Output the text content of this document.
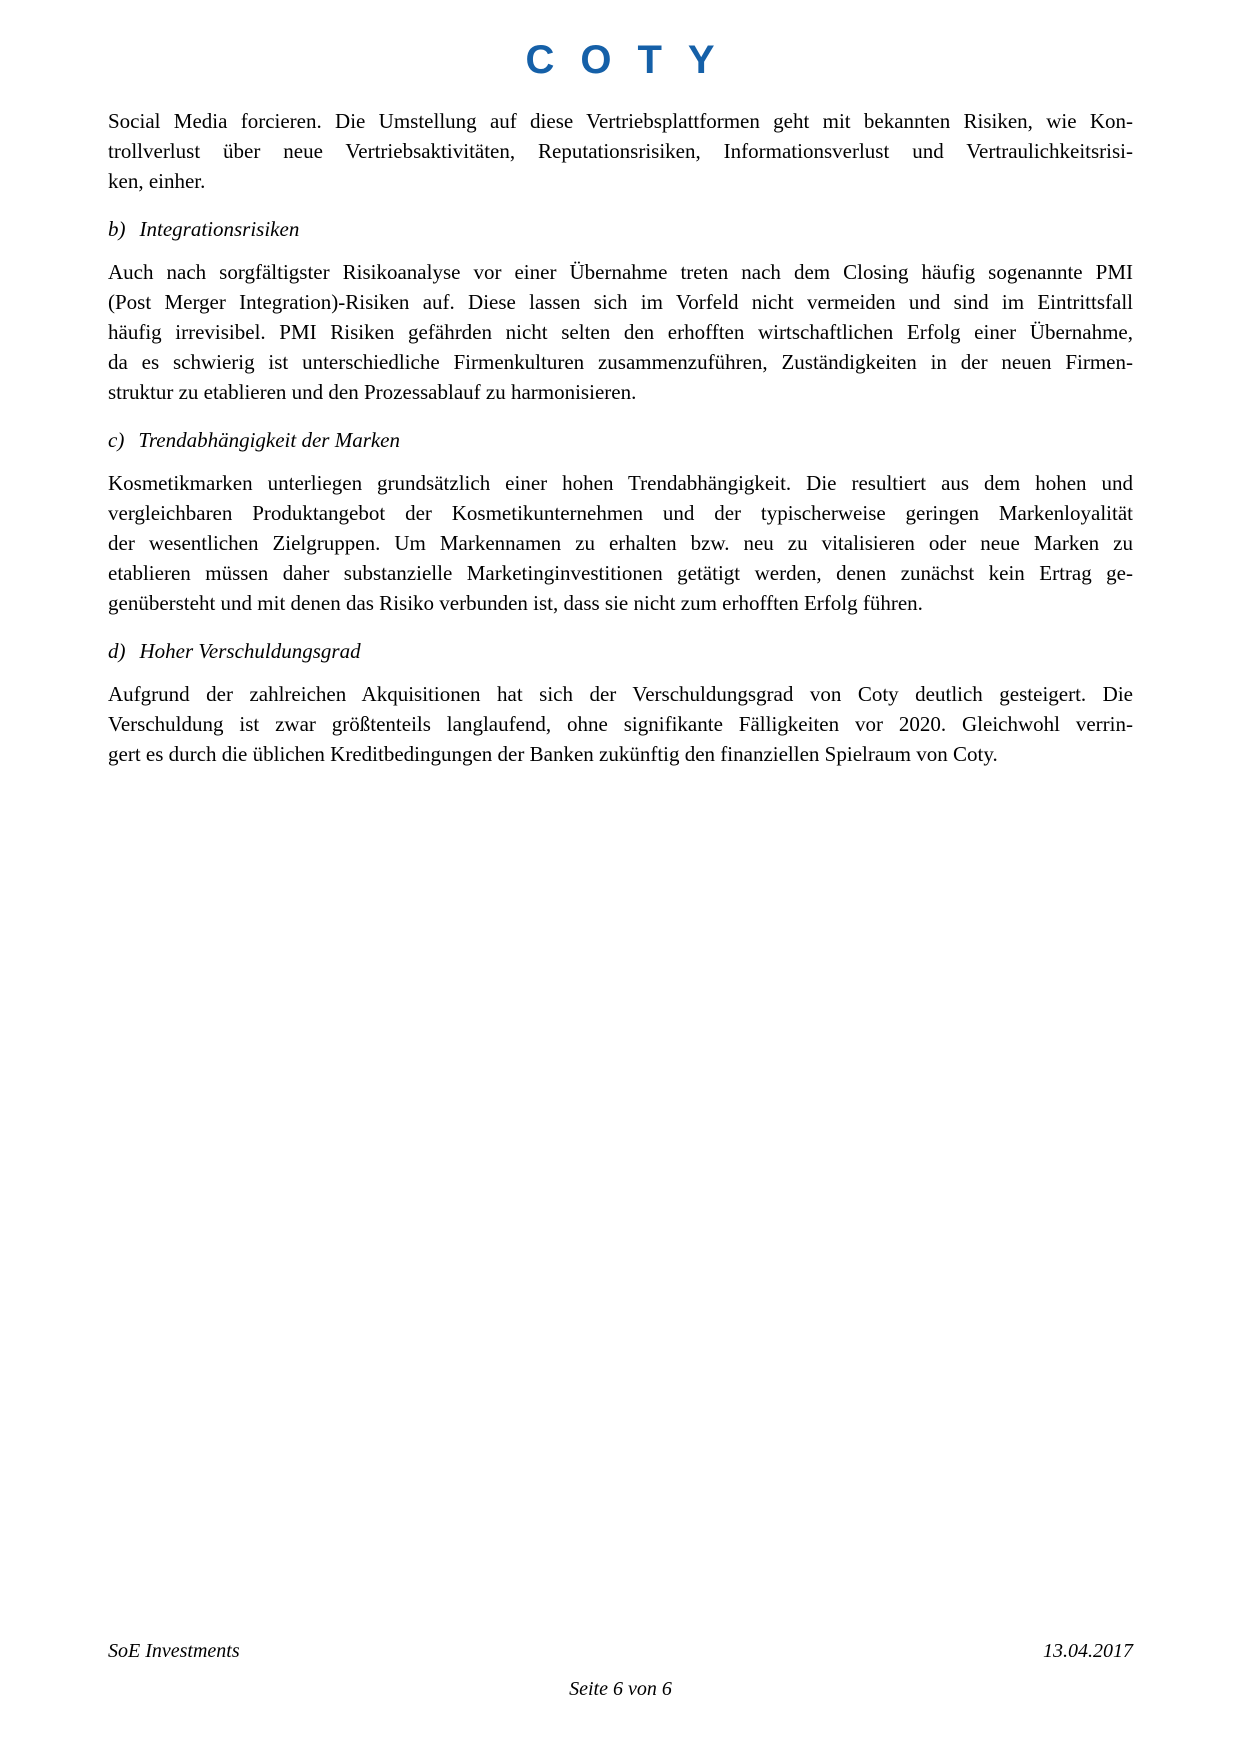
COTY
Social Media forcieren. Die Umstellung auf diese Vertriebsplattformen geht mit bekannten Risiken, wie Kon-
trollverlust über neue Vertriebsaktivitäten, Reputationsrisiken, Informationsverlust und Vertraulichkeitsrisi-
ken, einher.
b) Integrationsrisiken
Auch nach sorgfältigster Risikoanalyse vor einer Übernahme treten nach dem Closing häufig sogenannte PMI
(Post Merger Integration)-Risiken auf. Diese lassen sich im Vorfeld nicht vermeiden und sind im Eintrittsfall
häufig irrevisibel. PMI Risiken gefährden nicht selten den erhofften wirtschaftlichen Erfolg einer Übernahme,
da es schwierig ist unterschiedliche Firmenkulturen zusammenzuführen, Zuständigkeiten in der neuen Firmen-
struktur zu etablieren und den Prozessablauf zu harmonisieren.
c) Trendabhängigkeit der Marken
Kosmetikmarken unterliegen grundsätzlich einer hohen Trendabhängigkeit. Die resultiert aus dem hohen und
vergleichbaren Produktangebot der Kosmetikunternehmen und der typischerweise geringen Markenloyalität
der wesentlichen Zielgruppen. Um Markennamen zu erhalten bzw. neu zu vitalisieren oder neue Marken zu
etablieren müssen daher substanzielle Marketinginvestitionen getätigt werden, denen zunächst kein Ertrag ge-
genübersteht und mit denen das Risiko verbunden ist, dass sie nicht zum erhofften Erfolg führen.
d) Hoher Verschuldungsgrad
Aufgrund der zahlreichen Akquisitionen hat sich der Verschuldungsgrad von Coty deutlich gesteigert. Die
Verschuldung ist zwar größtenteils langlaufend, ohne signifikante Fälligkeiten vor 2020. Gleichwohl verrin-
gert es durch die üblichen Kreditbedingungen der Banken zukünftig den finanziellen Spielraum von Coty.
SoE Investments	13.04.2017
Seite 6 von 6
